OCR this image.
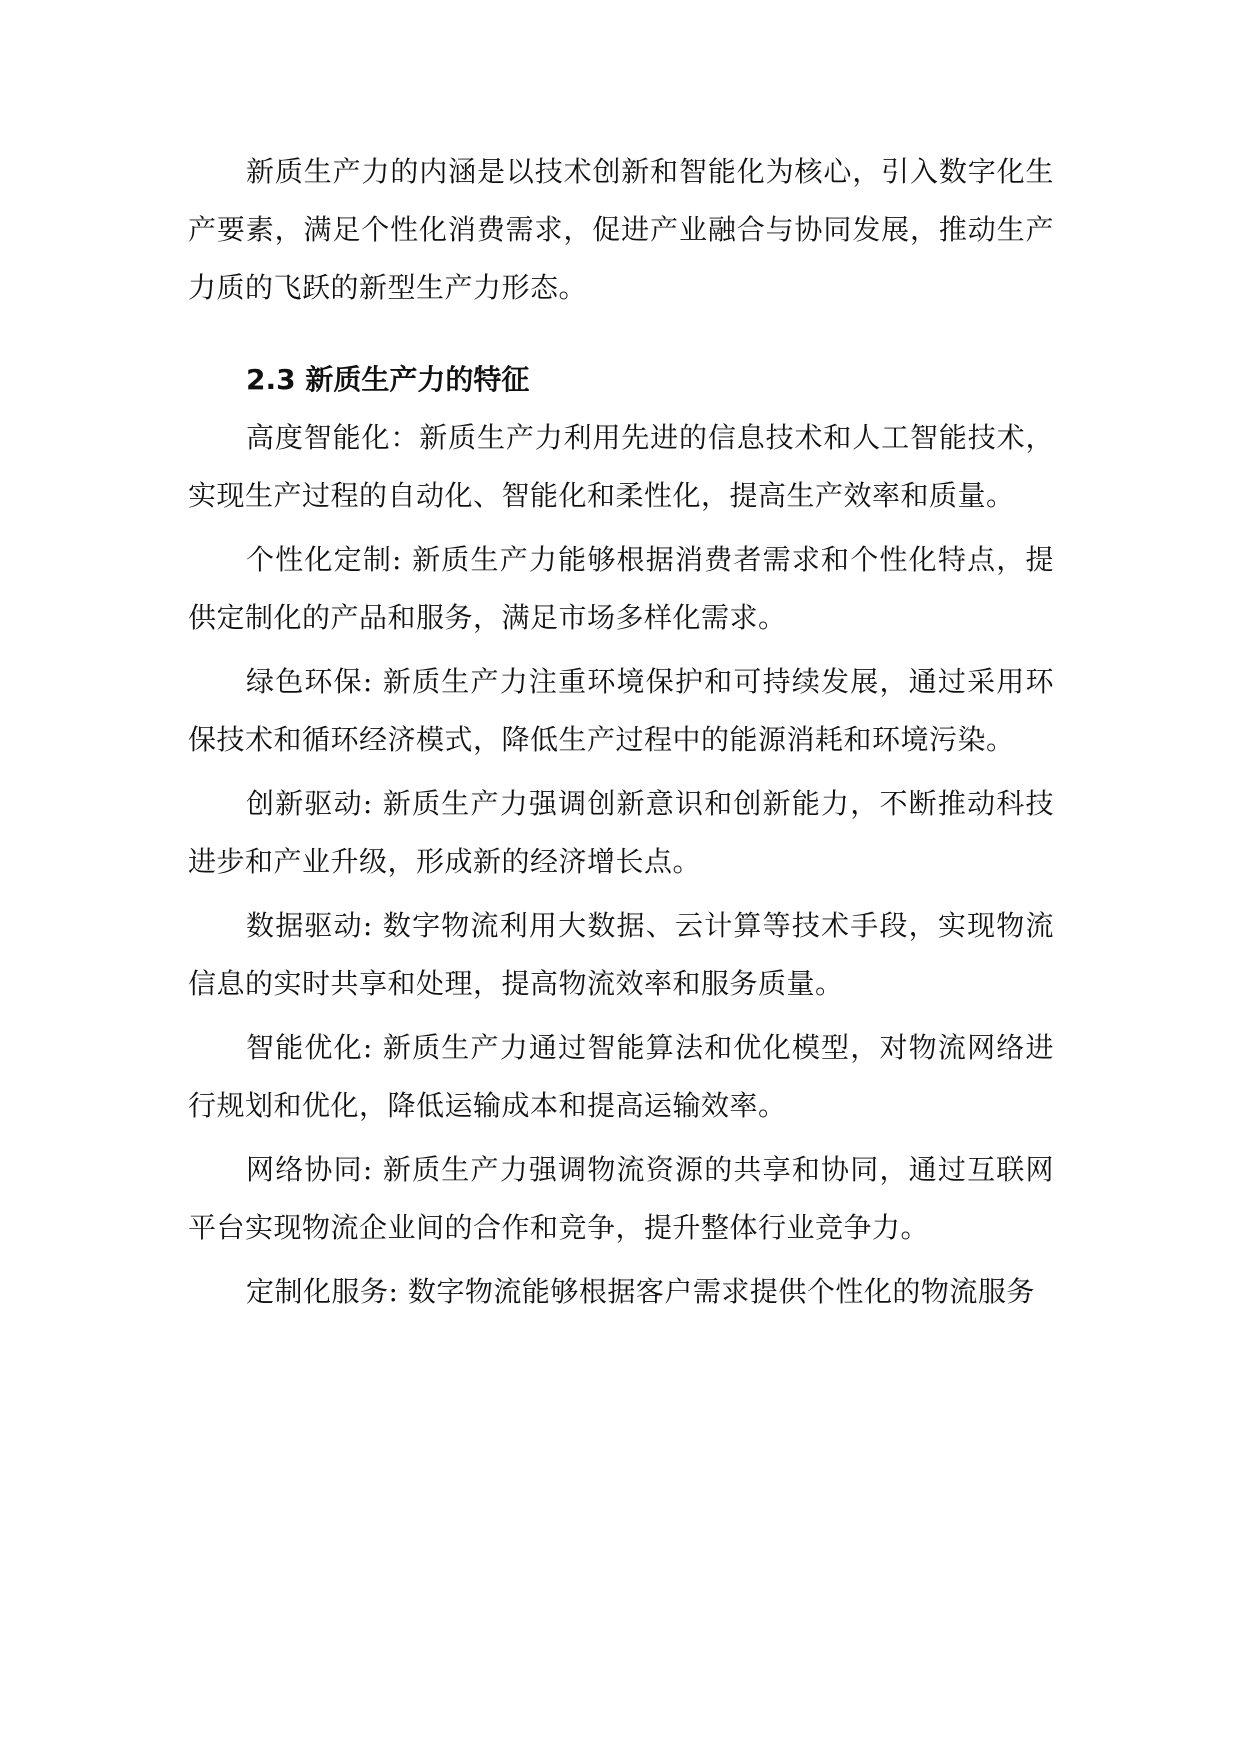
新质生产力的内涵是以技术创新和智能化为核心，引入数字化生产要素，满足个性化消费需求，促进产业融合与协同发展，推动生产力质的飞跃的新型生产力形态。

2.3 新质生产力的特征

高度智能化：新质生产力利用先进的信息技术和人工智能技术，实现生产过程的自动化、智能化和柔性化，提高生产效率和质量。

个性化定制: 新质生产力能够根据消费者需求和个性化特点，提供定制化的产品和服务，满足市场多样化需求。

绿色环保: 新质生产力注重环境保护和可持续发展，通过采用环保技术和循环经济模式，降低生产过程中的能源消耗和环境污染。

创新驱动: 新质生产力强调创新意识和创新能力，不断推动科技进步和产业升级，形成新的经济增长点。

数据驱动: 数字物流利用大数据、云计算等技术手段，实现物流信息的实时共享和处理，提高物流效率和服务质量。

智能优化: 新质生产力通过智能算法和优化模型，对物流网络进行规划和优化，降低运输成本和提高运输效率。

网络协同: 新质生产力强调物流资源的共享和协同，通过互联网平台实现物流企业间的合作和竞争，提升整体行业竞争力。

定制化服务: 数字物流能够根据客户需求提供个性化的物流服务
